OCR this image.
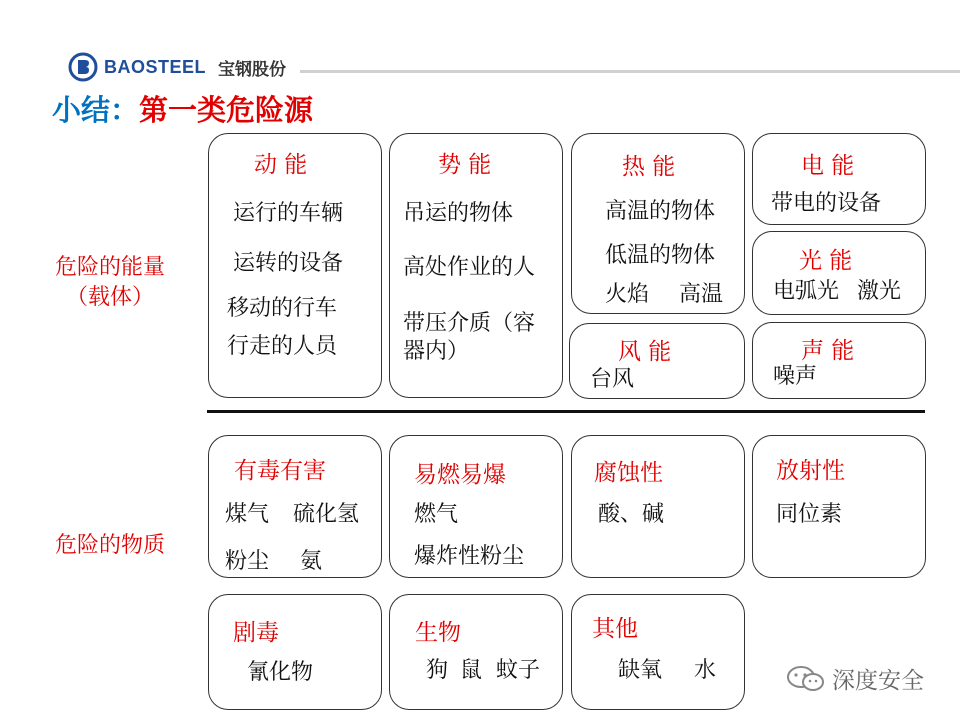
BAOSTEEL 宝钢股份
小结：第一类危险源
危险的能量
（载体）
危险的物质
动 能
运行的车辆
运转的设备
移动的行车
行走的人员
势 能
吊运的物体
高处作业的人
带压介质（容
器内）
热 能
高温的物体
低温的物体
火焰 高温
电 能
带电的设备
光 能
电弧光 激光
风 能
台风
声 能
噪声
有毒有害
煤气 硫化氢
粉尘 氨
易燃易爆
燃气
爆炸性粉尘
腐蚀性
酸、碱
放射性
同位素
剧毒
氰化物
生物
狗 鼠 蚊子
其他
缺氧 水	深度安全
